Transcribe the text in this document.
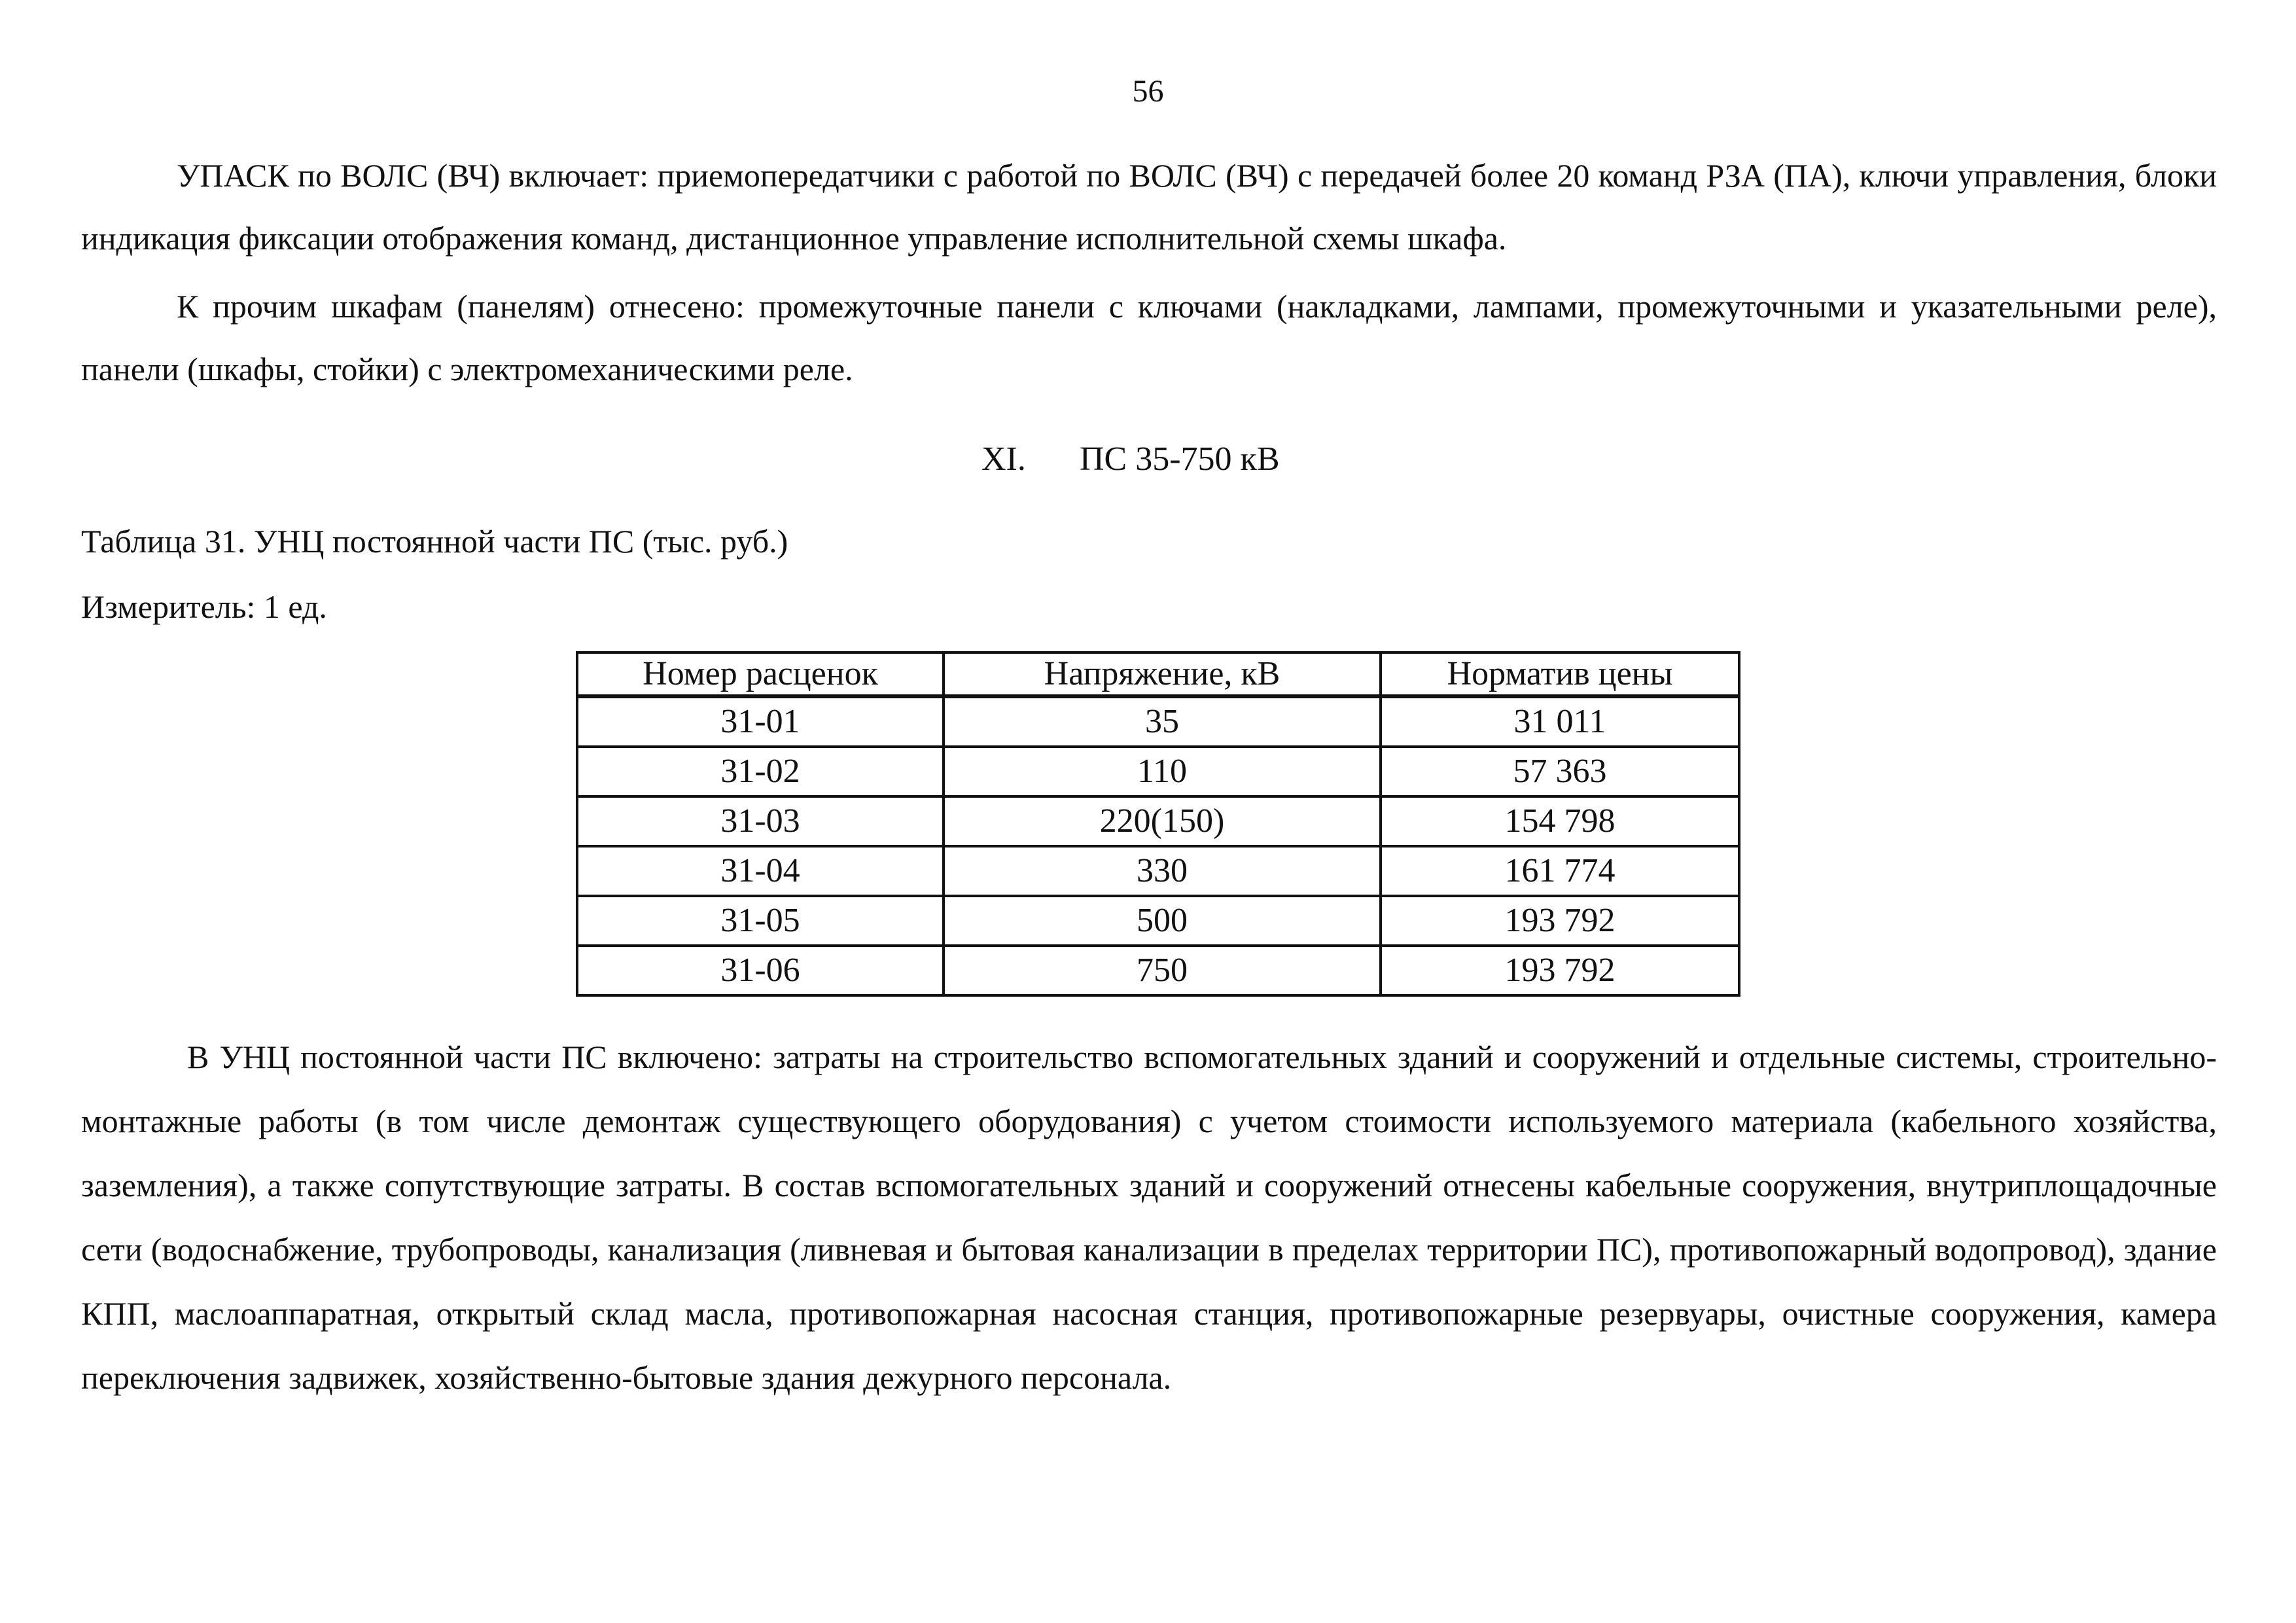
56
УПАСК по ВОЛС (ВЧ) включает: приемопередатчики с работой по ВОЛС (ВЧ) с передачей более 20 команд РЗА (ПА), ключи управления, блоки индикация фиксации отображения команд, дистанционное управление исполнительной схемы шкафа.
К прочим шкафам (панелям) отнесено: промежуточные панели с ключами (накладками, лампами, промежуточными и указательными реле), панели (шкафы, стойки) с электромеханическими реле.
XI. ПС 35-750 кВ
Таблица 31. УНЦ постоянной части ПС (тыс. руб.)
Измеритель: 1 ед.
Номер расценок	Напряжение, кВ	Норматив цены
31-01	35	31 011
31-02	110	57 363
31-03	220(150)	154 798
31-04	330	161 774
31-05	500	193 792
31-06	750	193 792
В УНЦ постоянной части ПС включено: затраты на строительство вспомогательных зданий и сооружений и отдельные системы, строительно-монтажные работы (в том числе демонтаж существующего оборудования) с учетом стоимости используемого материала (кабельного хозяйства, заземления), а также сопутствующие затраты. В состав вспомогательных зданий и сооружений отнесены кабельные сооружения, внутриплощадочные сети (водоснабжение, трубопроводы, канализация (ливневая и бытовая канализации в пределах территории ПС), противопожарный водопровод), здание КПП, маслоаппаратная, открытый склад масла, противопожарная насосная станция, противопожарные резервуары, очистные сооружения, камера переключения задвижек, хозяйственно-бытовые здания дежурного персонала.
